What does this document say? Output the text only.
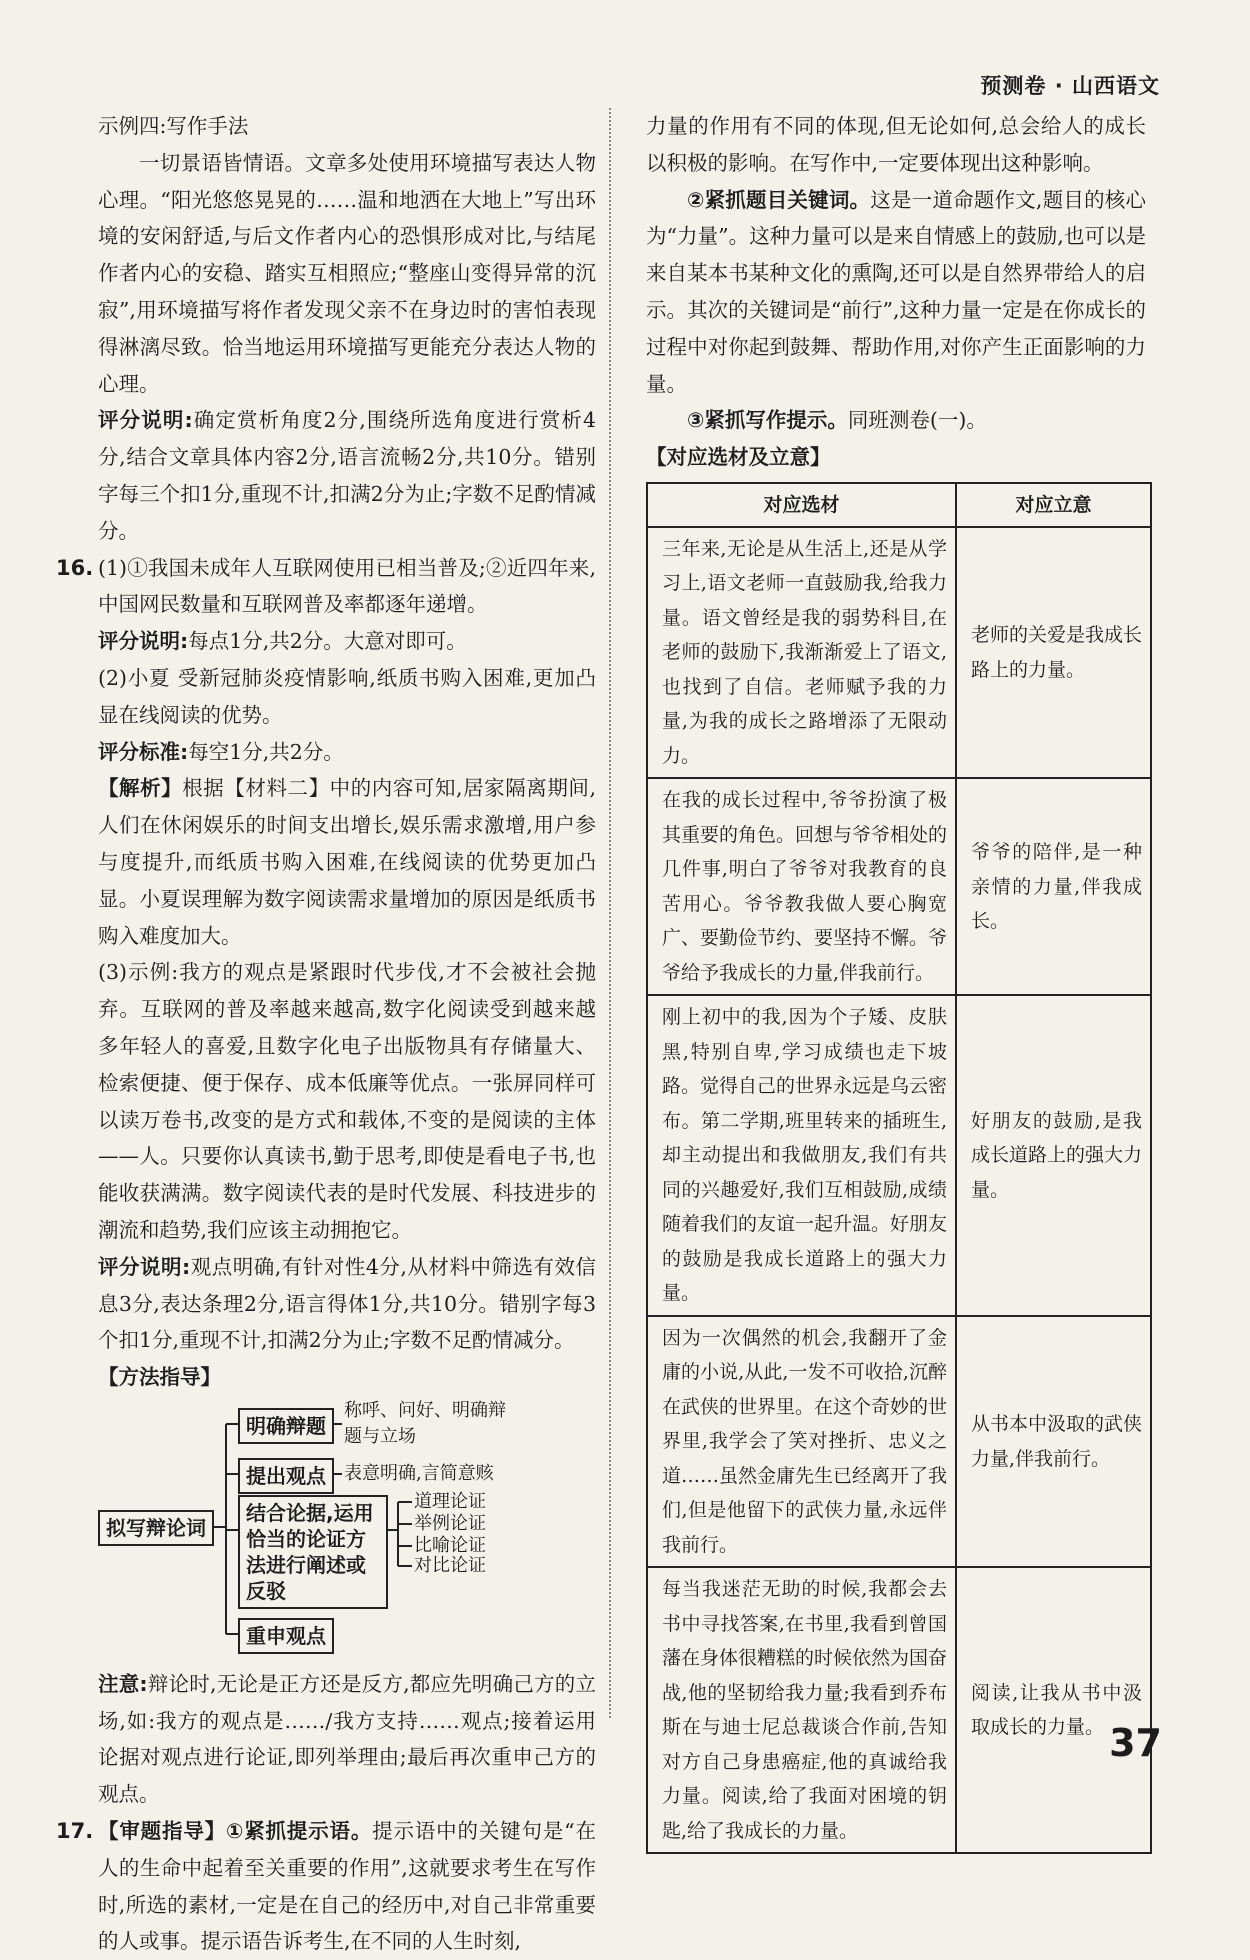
预测卷 · 山西语文

示例四:写作手法

一切景语皆情语。文章多处使用环境描写表达人物心理。“阳光悠悠晃晃的……温和地洒在大地上”写出环境的安闲舒适,与后文作者内心的恐惧形成对比,与结尾作者内心的安稳、踏实互相照应;“整座山变得异常的沉寂”,用环境描写将作者发现父亲不在身边时的害怕表现得淋漓尽致。恰当地运用环境描写更能充分表达人物的心理。

评分说明:确定赏析角度2分,围绕所选角度进行赏析4分,结合文章具体内容2分,语言流畅2分,共10分。错别字每三个扣1分,重现不计,扣满2分为止;字数不足酌情减分。

16. (1)①我国未成年人互联网使用已相当普及;②近四年来,中国网民数量和互联网普及率都逐年递增。

评分说明:每点1分,共2分。大意对即可。

(2)小夏 受新冠肺炎疫情影响,纸质书购入困难,更加凸显在线阅读的优势。

评分标准:每空1分,共2分。

【解析】根据【材料二】中的内容可知,居家隔离期间,人们在休闲娱乐的时间支出增长,娱乐需求激增,用户参与度提升,而纸质书购入困难,在线阅读的优势更加凸显。小夏误理解为数字阅读需求量增加的原因是纸质书购入难度加大。

(3)示例:我方的观点是紧跟时代步伐,才不会被社会抛弃。互联网的普及率越来越高,数字化阅读受到越来越多年轻人的喜爱,且数字化电子出版物具有存储量大、检索便捷、便于保存、成本低廉等优点。一张屏同样可以读万卷书,改变的是方式和载体,不变的是阅读的主体——人。只要你认真读书,勤于思考,即使是看电子书,也能收获满满。数字阅读代表的是时代发展、科技进步的潮流和趋势,我们应该主动拥抱它。

评分说明:观点明确,有针对性4分,从材料中筛选有效信息3分,表达条理2分,语言得体1分,共10分。错别字每3个扣1分,重现不计,扣满2分为止;字数不足酌情减分。

【方法指导】

拟写辩论词
明确辩题
称呼、问好、明确辩题与立场
提出观点	表意明确,言简意赅
结合论据,运用恰当的论证方法进行阐述或反驳
道理论证
举例论证
比喻论证
对比论证
重申观点

注意:辩论时,无论是正方还是反方,都应先明确己方的立场,如:我方的观点是……/我方支持……观点;接着运用论据对观点进行论证,即列举理由;最后再次重申己方的观点。

17. 【审题指导】①紧抓提示语。提示语中的关键句是“在人的生命中起着至关重要的作用”,这就要求考生在写作时,所选的素材,一定是在自己的经历中,对自己非常重要的人或事。提示语告诉考生,在不同的人生时刻,

力量的作用有不同的体现,但无论如何,总会给人的成长以积极的影响。在写作中,一定要体现出这种影响。

②紧抓题目关键词。这是一道命题作文,题目的核心为“力量”。这种力量可以是来自情感上的鼓励,也可以是来自某本书某种文化的熏陶,还可以是自然界带给人的启示。其次的关键词是“前行”,这种力量一定是在你成长的过程中对你起到鼓舞、帮助作用,对你产生正面影响的力量。

③紧抓写作提示。同班测卷(一)。

【对应选材及立意】

对应选材	对应立意
三年来,无论是从生活上,还是从学习上,语文老师一直鼓励我,给我力量。语文曾经是我的弱势科目,在老师的鼓励下,我渐渐爱上了语文,也找到了自信。老师赋予我的力量,为我的成长之路增添了无限动力。	老师的关爱是我成长路上的力量。
在我的成长过程中,爷爷扮演了极其重要的角色。回想与爷爷相处的几件事,明白了爷爷对我教育的良苦用心。爷爷教我做人要心胸宽广、要勤俭节约、要坚持不懈。爷爷给予我成长的力量,伴我前行。	爷爷的陪伴,是一种亲情的力量,伴我成长。
刚上初中的我,因为个子矮、皮肤黑,特别自卑,学习成绩也走下坡路。觉得自己的世界永远是乌云密布。第二学期,班里转来的插班生,却主动提出和我做朋友,我们有共同的兴趣爱好,我们互相鼓励,成绩随着我们的友谊一起升温。好朋友的鼓励是我成长道路上的强大力量。	好朋友的鼓励,是我成长道路上的强大力量。
因为一次偶然的机会,我翻开了金庸的小说,从此,一发不可收拾,沉醉在武侠的世界里。在这个奇妙的世界里,我学会了笑对挫折、忠义之道……虽然金庸先生已经离开了我们,但是他留下的武侠力量,永远伴我前行。	从书本中汲取的武侠力量,伴我前行。
每当我迷茫无助的时候,我都会去书中寻找答案,在书里,我看到曾国藩在身体很糟糕的时候依然为国奋战,他的坚韧给我力量;我看到乔布斯在与迪士尼总裁谈合作前,告知对方自己身患癌症,他的真诚给我力量。阅读,给了我面对困境的钥匙,给了我成长的力量。	阅读,让我从书中汲取成长的力量。 37
